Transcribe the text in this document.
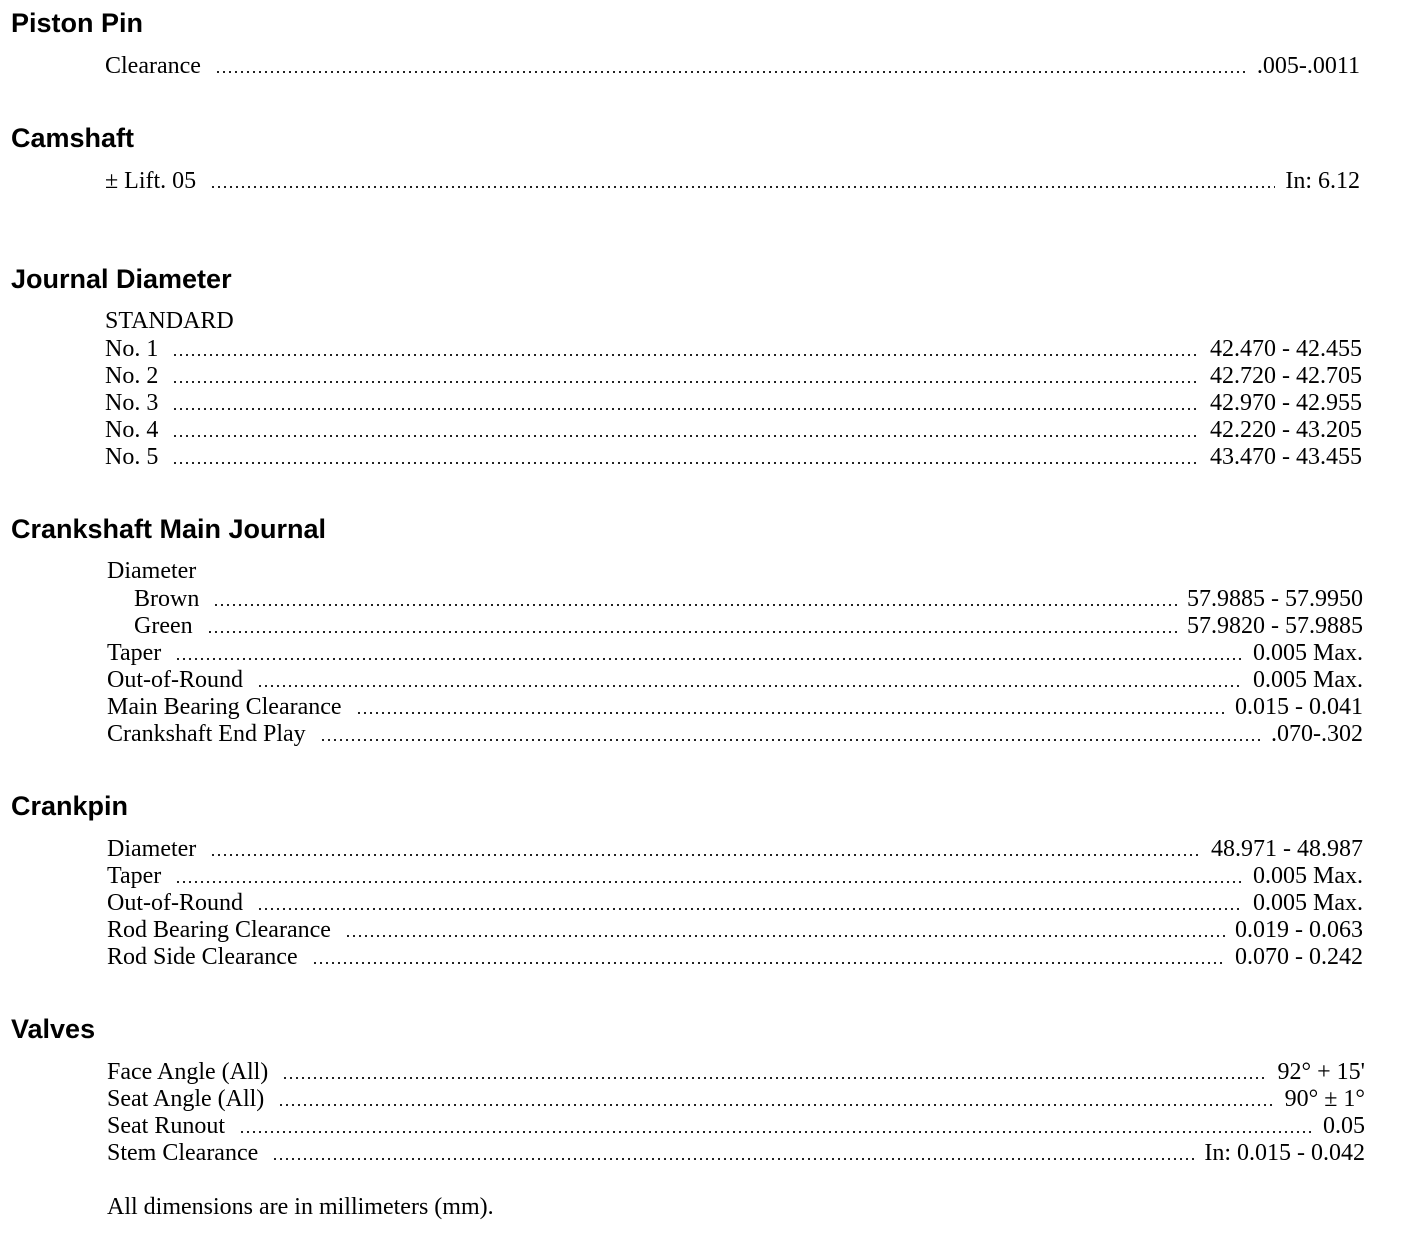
Piston Pin
Clearance	.005-.0011
Camshaft
± Lift. 05	In: 6.12
Journal Diameter
STANDARD
No. 1	42.470 - 42.455
No. 2	42.720 - 42.705
No. 3	42.970 - 42.955
No. 4	42.220 - 43.205
No. 5	43.470 - 43.455
Crankshaft Main Journal
Diameter
Brown	57.9885 - 57.9950
Green	57.9820 - 57.9885
Taper	0.005 Max.
Out-of-Round	0.005 Max.
Main Bearing Clearance	0.015 - 0.041
Crankshaft End Play	.070-.302
Crankpin
Diameter	48.971 - 48.987
Taper	0.005 Max.
Out-of-Round	0.005 Max.
Rod Bearing Clearance	0.019 - 0.063
Rod Side Clearance	0.070 - 0.242
Valves
Face Angle (All)	92° + 15'
Seat Angle (All)	90° ± 1°
Seat Runout	0.05
Stem Clearance	In: 0.015 - 0.042
All dimensions are in millimeters (mm).
